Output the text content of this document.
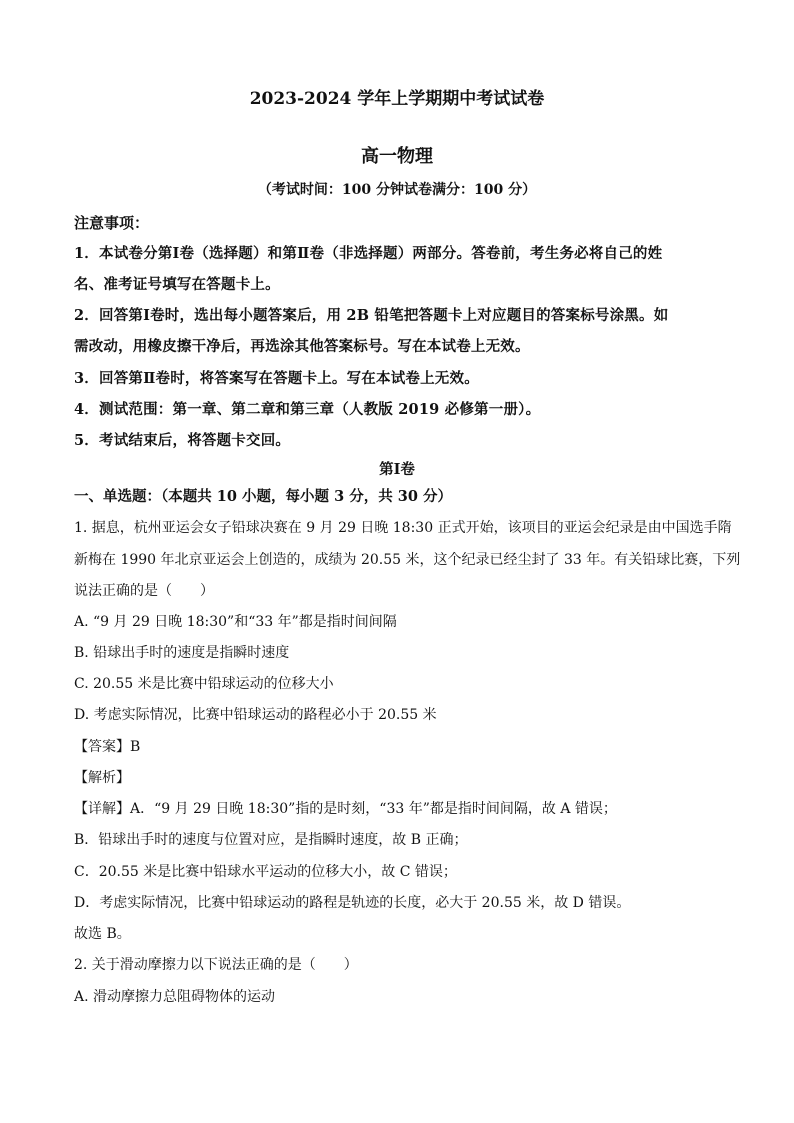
2023-2024 学年上学期期中考试试卷
高一物理
（考试时间：100 分钟试卷满分：100 分）
注意事项：
1．本试卷分第Ⅰ卷（选择题）和第Ⅱ卷（非选择题）两部分。答卷前，考生务必将自己的姓
名、准考证号填写在答题卡上。
2．回答第Ⅰ卷时，选出每小题答案后，用 2B 铅笔把答题卡上对应题目的答案标号涂黑。如
需改动，用橡皮擦干净后，再选涂其他答案标号。写在本试卷上无效。
3．回答第Ⅱ卷时，将答案写在答题卡上。写在本试卷上无效。
4．测试范围：第一章、第二章和第三章（人教版 2019 必修第一册）。
5．考试结束后，将答题卡交回。
第Ⅰ卷
一、单选题：（本题共 10 小题，每小题 3 分，共 30 分）
1. 据息，杭州亚运会女子铅球决赛在 9 月 29 日晚 18:30 正式开始，该项目的亚运会纪录是由中国选手隋
新梅在 1990 年北京亚运会上创造的，成绩为 20.55 米，这个纪录已经尘封了 33 年。有关铅球比赛，下列
说法正确的是（　　）
A. “9 月 29 日晚 18:30”和“33 年”都是指时间间隔
B. 铅球出手时的速度是指瞬时速度
C. 20.55 米是比赛中铅球运动的位移大小
D. 考虑实际情况，比赛中铅球运动的路程必小于 20.55 米
【答案】B
【解析】
【详解】A．“9 月 29 日晚 18:30”指的是时刻，“33 年”都是指时间间隔，故 A 错误；
B．铅球出手时的速度与位置对应，是指瞬时速度，故 B 正确；
C．20.55 米是比赛中铅球水平运动的位移大小，故 C 错误；
D．考虑实际情况，比赛中铅球运动的路程是轨迹的长度，必大于 20.55 米，故 D 错误。
故选 B。
2. 关于滑动摩擦力以下说法正确的是（　　）
A. 滑动摩擦力总阻碍物体的运动
